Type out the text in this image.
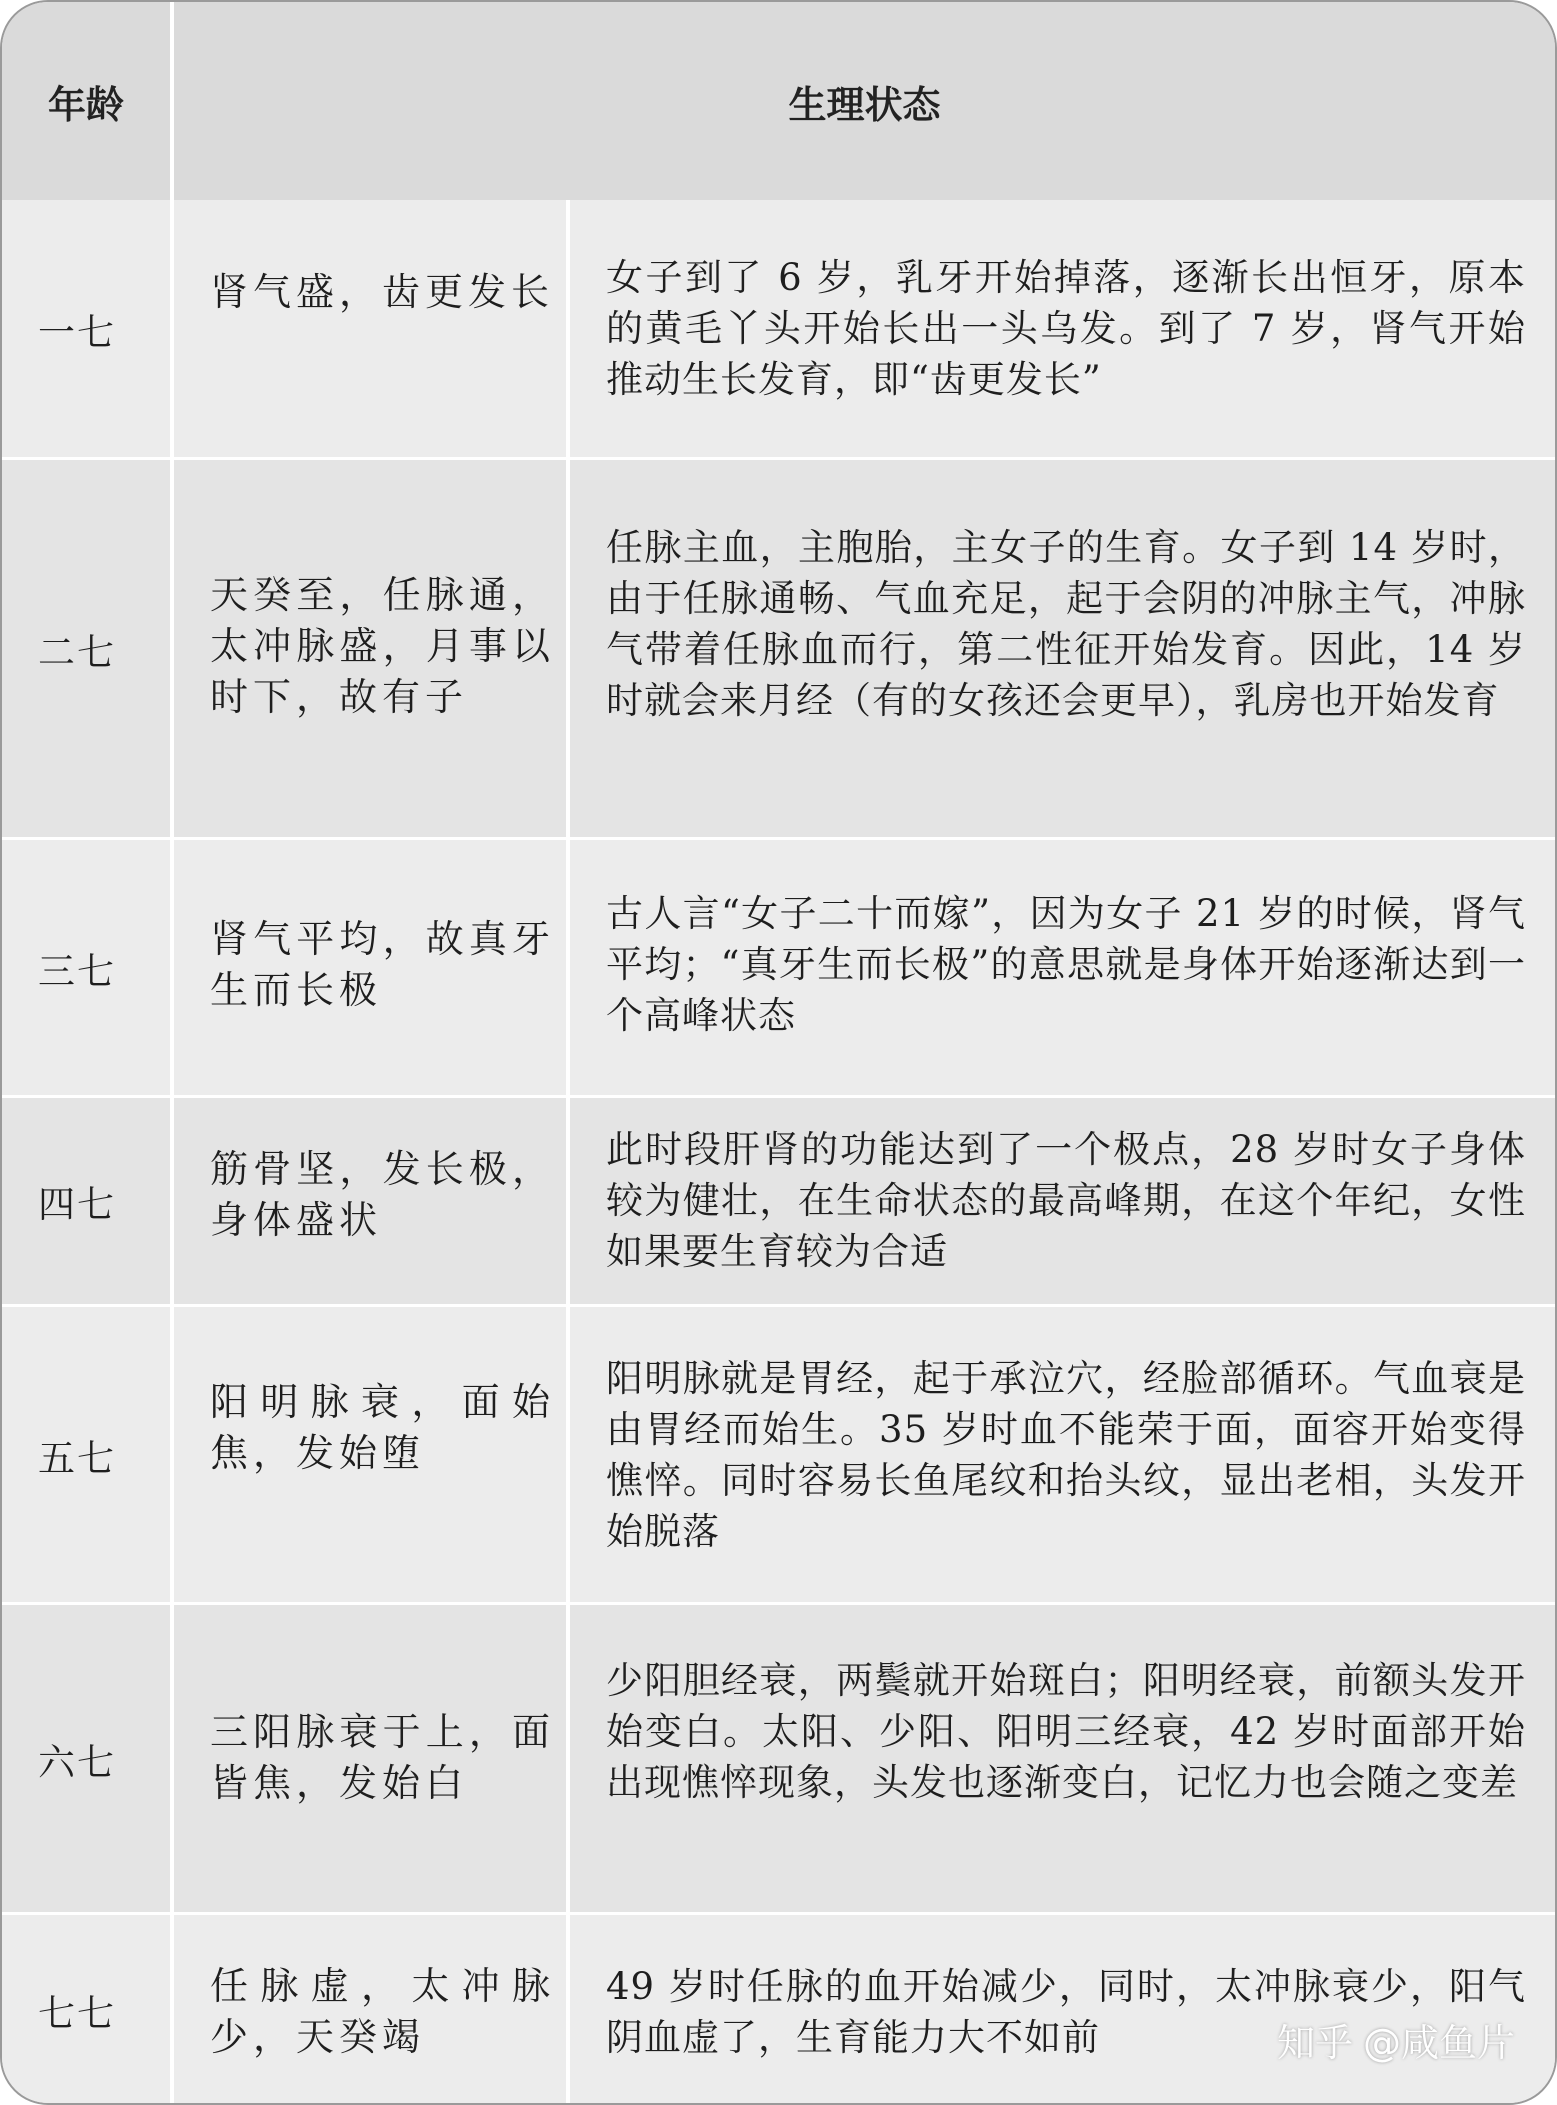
年龄	生理状态
一七
肾气盛，齿更发长 女子到了 6 岁，乳牙开始掉落，逐渐长出恒牙，原本的黄毛丫头开始长出一头乌发。到了 7 岁，肾气开始推动生长发育，即“齿更发长”
二七
天癸至，任脉通，太冲脉盛，月事以时下，故有子
任脉主血，主胞胎，主女子的生育。女子到 14 岁时，由于任脉通畅、气血充足，起于会阴的冲脉主气，冲脉气带着任脉血而行，第二性征开始发育。因此，14 岁时就会来月经（有的女孩还会更早），乳房也开始发育
三七
肾气平均，故真牙生而长极
古人言“女子二十而嫁”，因为女子 21 岁的时候，肾气平均；“真牙生而长极”的意思就是身体开始逐渐达到一个高峰状态
四七
筋骨坚，发长极，身体盛状
此时段肝肾的功能达到了一个极点，28 岁时女子身体较为健壮，在生命状态的最高峰期，在这个年纪，女性如果要生育较为合适
五七
阳明脉衰，面始焦，发始堕
阳明脉就是胃经，起于承泣穴，经脸部循环。气血衰是由胃经而始生。35 岁时血不能荣于面，面容开始变得憔悴。同时容易长鱼尾纹和抬头纹，显出老相，头发开始脱落
六七
三阳脉衰于上，面皆焦，发始白
少阳胆经衰，两鬓就开始斑白；阳明经衰，前额头发开始变白。太阳、少阳、阳明三经衰，42 岁时面部开始出现憔悴现象，头发也逐渐变白，记忆力也会随之变差
七七
任脉虚，太冲脉少，天癸竭
49 岁时任脉的血开始减少，同时，太冲脉衰少，阳气阴血虚了，生育能力大不如前	知乎 @咸鱼片
